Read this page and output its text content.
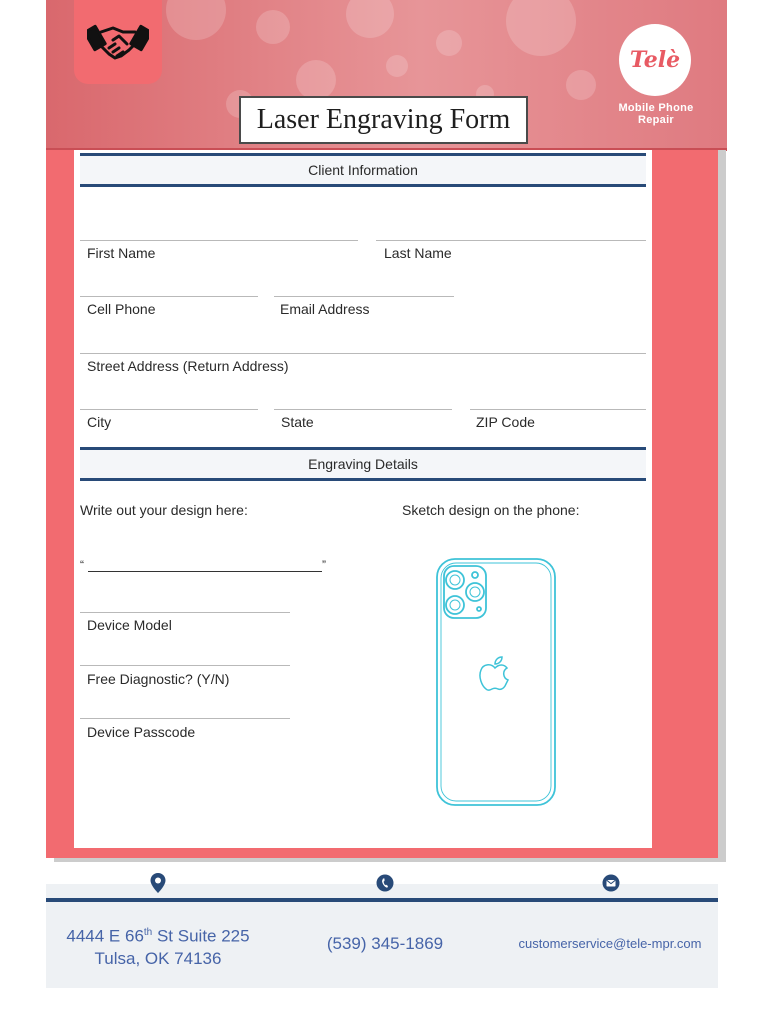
Telè
Mobile Phone Repair
Laser Engraving Form
Client Information
First Name	Last Name
Cell Phone	Email Address
Street Address (Return Address)
City	State	ZIP Code
Engraving Details
Write out your design here:	Sketch design on the phone:
“	”
Device Model
Free Diagnostic? (Y/N)
Device Passcode
4444 E 66th St Suite 225
Tulsa, OK 74136
(539) 345-1869	customerservice@tele-mpr.com
